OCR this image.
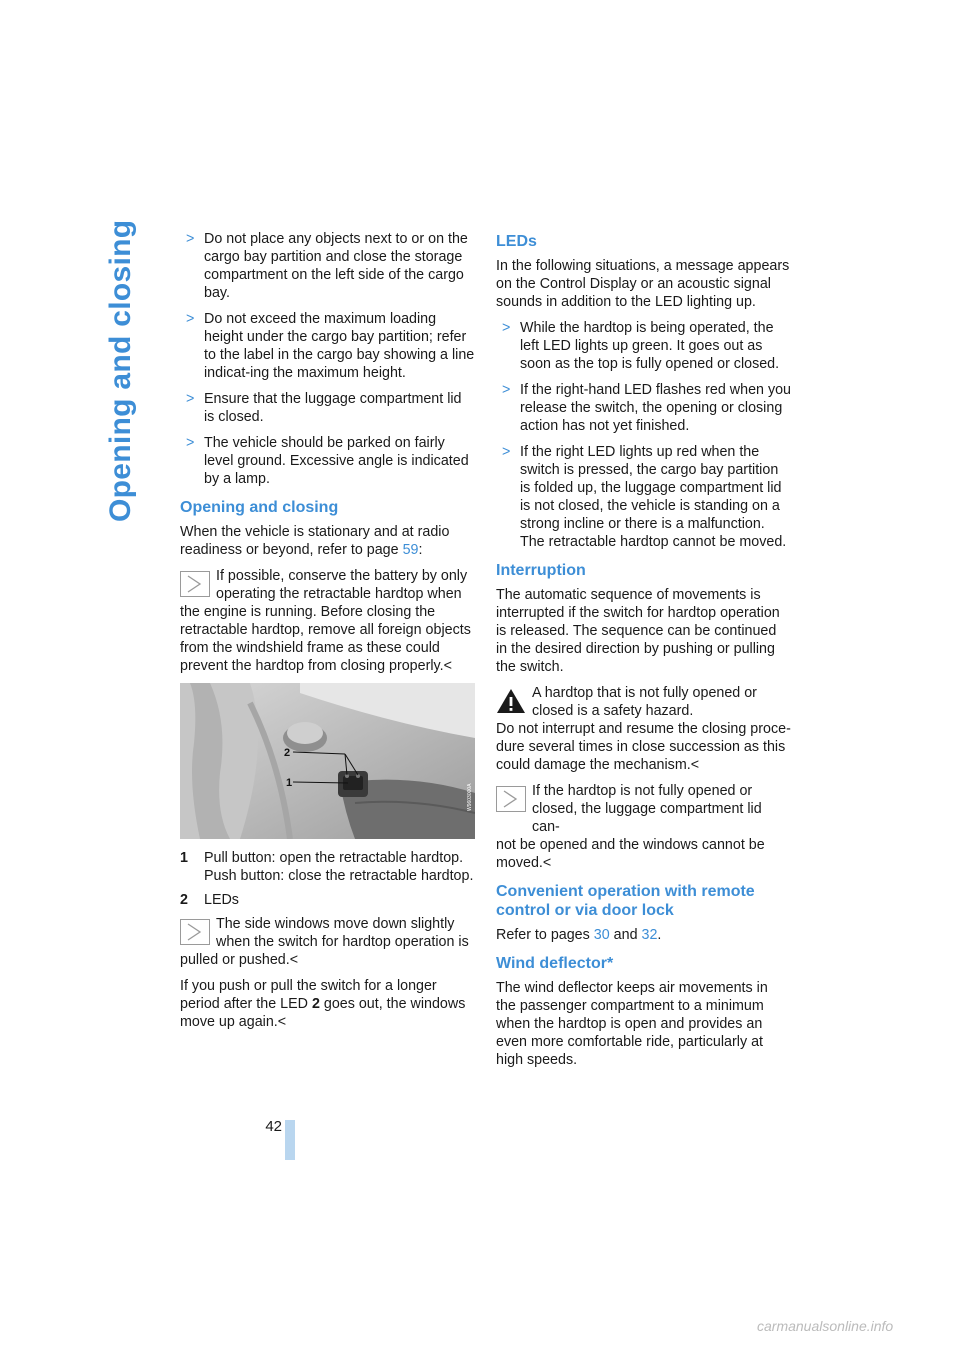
Opening and closing	> Do not place any objects next to or on the cargo bay partition and close the storage compartment on the left side of the cargo bay.
> Do not exceed the maximum loading height under the cargo bay partition; refer to the label in the cargo bay showing a line indicat-ing the maximum height.
> Ensure that the luggage compartment lid is closed.
> The vehicle should be parked on fairly level ground. Excessive angle is indicated by a lamp.
Opening and closing

When the vehicle is stationary and at radio readiness or beyond, refer to page 59:

If possible, conserve the battery by only operating the retractable hardtop when
the engine is running. Before closing the retractable hardtop, remove all foreign objects from the windshield frame as these could prevent the hardtop from closing properly.<
2
1
W9603000A
1 Pull button: open the retractable hardtop. Push button: close the retractable hardtop.
2 LEDs
The side windows move down slightly when the switch for hardtop operation is
pulled or pushed.<

If you push or pull the switch for a longer period after the LED 2 goes out, the windows move up again.<

LEDs

In the following situations, a message appears on the Control Display or an acoustic signal sounds in addition to the LED lighting up.

> While the hardtop is being operated, the left LED lights up green. It goes out as soon as the top is fully opened or closed.
> If the right-hand LED flashes red when you release the switch, the opening or closing action has not yet finished.
> If the right LED lights up red when the switch is pressed, the cargo bay partition is folded up, the luggage compartment lid is not closed, the vehicle is standing on a strong incline or there is a malfunction. The retractable hardtop cannot be moved.
Interruption

The automatic sequence of movements is interrupted if the switch for hardtop operation is released. The sequence can be continued in the desired direction by pushing or pulling the switch.

A hardtop that is not fully opened or closed is a safety hazard.
Do not interrupt and resume the closing proce-dure several times in close succession as this could damage the mechanism.<
If the hardtop is not fully opened or closed, the luggage compartment lid can-
not be opened and the windows cannot be moved.<
Convenient operation with remote control or via door lock

Refer to pages 30 and 32.

Wind deflector*

The wind deflector keeps air movements in the passenger compartment to a minimum when the hardtop is open and provides an even more comfortable ride, particularly at high speeds.

42
carmanualsonline.info
